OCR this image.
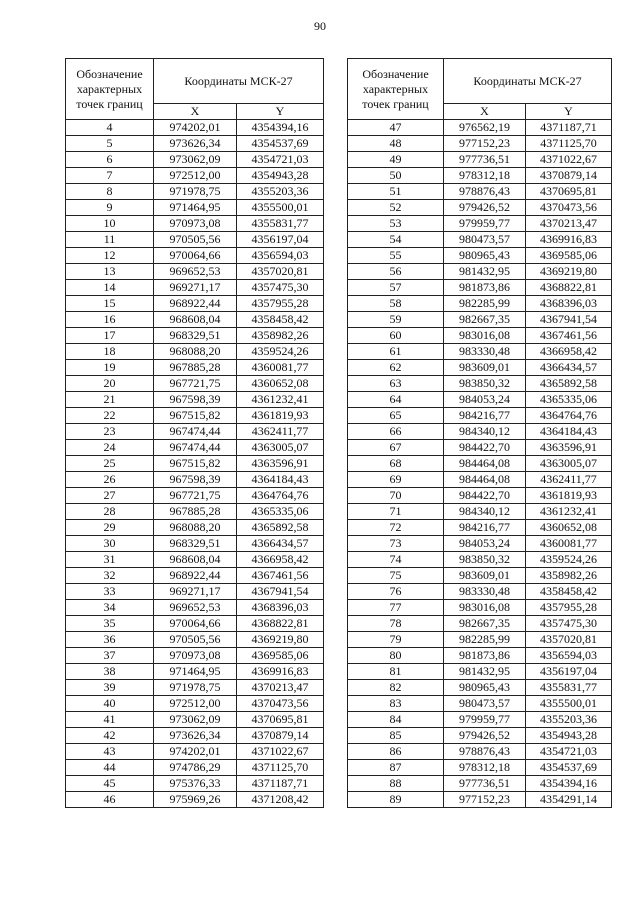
90
Обозначение характерных точек границ	Координаты МСК-27	
	X	Y
4	974202,01	4354394,16
5	973626,34	4354537,69
6	973062,09	4354721,03
7	972512,00	4354943,28
8	971978,75	4355203,36
9	971464,95	4355500,01
10	970973,08	4355831,77
11	970505,56	4356197,04
12	970064,66	4356594,03
13	969652,53	4357020,81
14	969271,17	4357475,30
15	968922,44	4357955,28
16	968608,04	4358458,42
17	968329,51	4358982,26
18	968088,20	4359524,26
19	967885,28	4360081,77
20	967721,75	4360652,08
21	967598,39	4361232,41
22	967515,82	4361819,93
23	967474,44	4362411,77
24	967474,44	4363005,07
25	967515,82	4363596,91
26	967598,39	4364184,43
27	967721,75	4364764,76
28	967885,28	4365335,06
29	968088,20	4365892,58
30	968329,51	4366434,57
31	968608,04	4366958,42
32	968922,44	4367461,56
33	969271,17	4367941,54
34	969652,53	4368396,03
35	970064,66	4368822,81
36	970505,56	4369219,80
37	970973,08	4369585,06
38	971464,95	4369916,83
39	971978,75	4370213,47
40	972512,00	4370473,56
41	973062,09	4370695,81
42	973626,34	4370879,14
43	974202,01	4371022,67
44	974786,29	4371125,70
45	975376,33	4371187,71
46	975969,26	4371208,42
Обозначение характерных точек границ	Координаты МСК-27	
	X	Y
47	976562,19	4371187,71
48	977152,23	4371125,70
49	977736,51	4371022,67
50	978312,18	4370879,14
51	978876,43	4370695,81
52	979426,52	4370473,56
53	979959,77	4370213,47
54	980473,57	4369916,83
55	980965,43	4369585,06
56	981432,95	4369219,80
57	981873,86	4368822,81
58	982285,99	4368396,03
59	982667,35	4367941,54
60	983016,08	4367461,56
61	983330,48	4366958,42
62	983609,01	4366434,57
63	983850,32	4365892,58
64	984053,24	4365335,06
65	984216,77	4364764,76
66	984340,12	4364184,43
67	984422,70	4363596,91
68	984464,08	4363005,07
69	984464,08	4362411,77
70	984422,70	4361819,93
71	984340,12	4361232,41
72	984216,77	4360652,08
73	984053,24	4360081,77
74	983850,32	4359524,26
75	983609,01	4358982,26
76	983330,48	4358458,42
77	983016,08	4357955,28
78	982667,35	4357475,30
79	982285,99	4357020,81
80	981873,86	4356594,03
81	981432,95	4356197,04
82	980965,43	4355831,77
83	980473,57	4355500,01
84	979959,77	4355203,36
85	979426,52	4354943,28
86	978876,43	4354721,03
87	978312,18	4354537,69
88	977736,51	4354394,16
89	977152,23	4354291,14
